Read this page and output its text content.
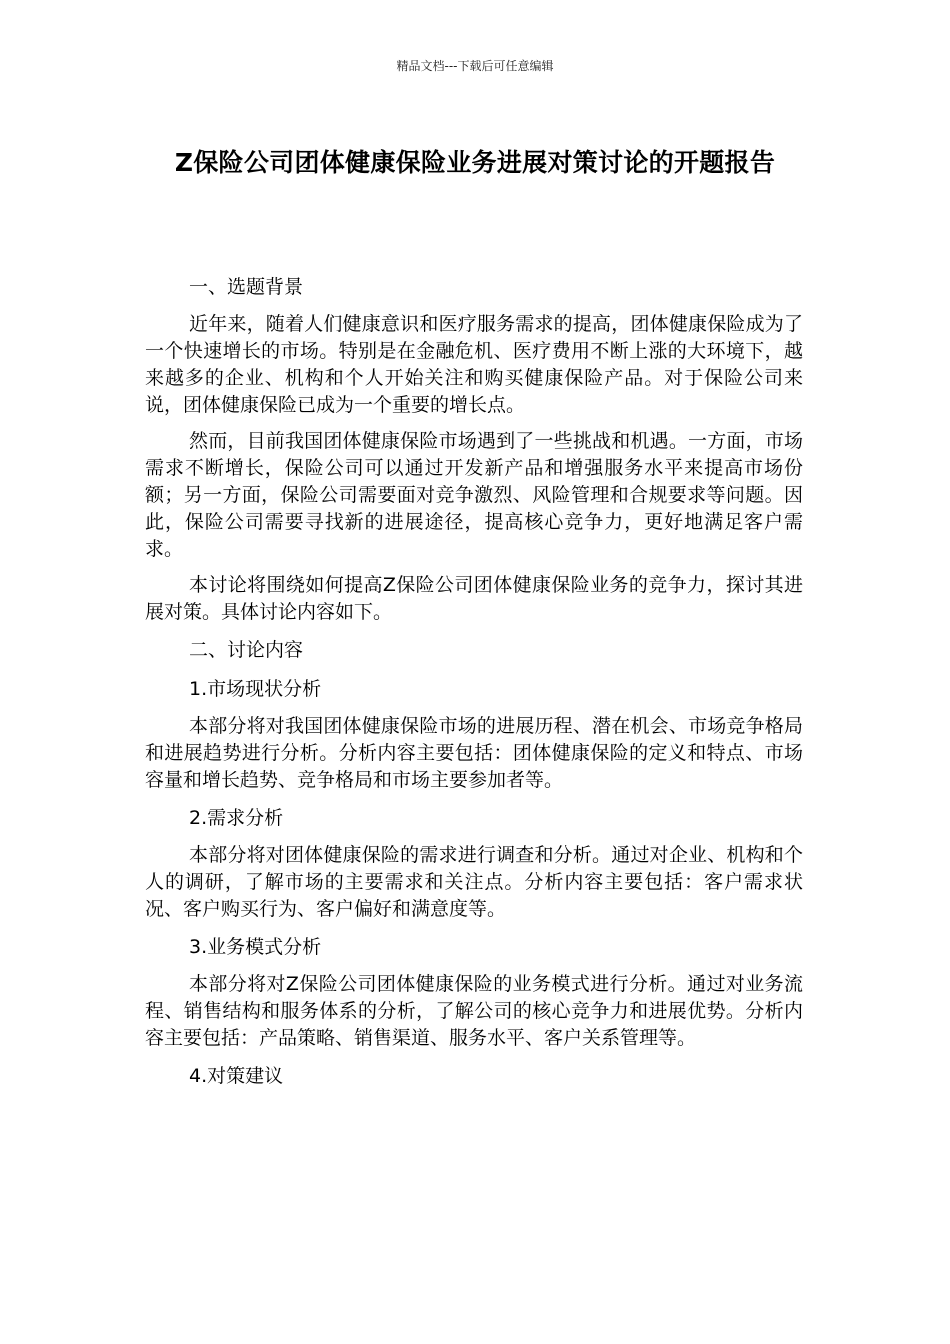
精品文档---下载后可任意编辑
Z保险公司团体健康保险业务进展对策讨论的开题报告

一、选题背景

近年来，随着人们健康意识和医疗服务需求的提高，团体健康保险成为了一个快速增长的市场。特别是在金融危机、医疗费用不断上涨的大环境下，越来越多的企业、机构和个人开始关注和购买健康保险产品。对于保险公司来说，团体健康保险已成为一个重要的增长点。

然而，目前我国团体健康保险市场遇到了一些挑战和机遇。一方面，市场需求不断增长，保险公司可以通过开发新产品和增强服务水平来提高市场份额；另一方面，保险公司需要面对竞争激烈、风险管理和合规要求等问题。因此，保险公司需要寻找新的进展途径，提高核心竞争力，更好地满足客户需求。

本讨论将围绕如何提高Z保险公司团体健康保险业务的竞争力，探讨其进展对策。具体讨论内容如下。

二、讨论内容

1.市场现状分析

本部分将对我国团体健康保险市场的进展历程、潜在机会、市场竞争格局和进展趋势进行分析。分析内容主要包括：团体健康保险的定义和特点、市场容量和增长趋势、竞争格局和市场主要参加者等。

2.需求分析

本部分将对团体健康保险的需求进行调查和分析。通过对企业、机构和个人的调研，了解市场的主要需求和关注点。分析内容主要包括：客户需求状况、客户购买行为、客户偏好和满意度等。

3.业务模式分析

本部分将对Z保险公司团体健康保险的业务模式进行分析。通过对业务流程、销售结构和服务体系的分析，了解公司的核心竞争力和进展优势。分析内容主要包括：产品策略、销售渠道、服务水平、客户关系管理等。

4.对策建议
